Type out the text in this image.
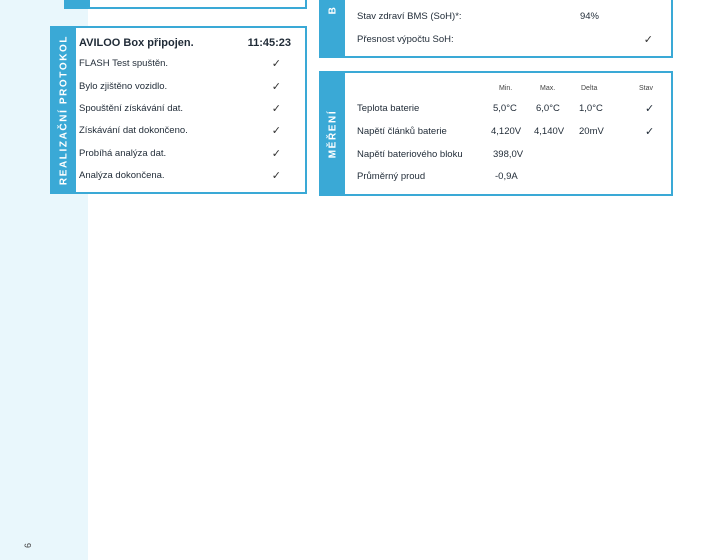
6
REALIZAČNÍ PROTOKOL AVILOO Box připojen.	11:45:23
FLASH Test spuštěn.	✓
Bylo zjištěno vozidlo.	✓
Spouštění získávání dat.	✓
Získávání dat dokončeno.	✓
Probíhá analýza dat.	✓
Analýza dokončena.	✓
B
Stav zdraví BMS (SoH)*:	94%
Přesnost výpočtu SoH:	✓
MĚŘENÍ
Min.	Max.	Delta	Stav
Teplota baterie	5,0°C 6,0°C 1,0°C	✓
Napětí článků baterie	4,120V 4,140V 20mV	✓
Napětí bateriového bloku	398,0V
Průměrný proud	-0,9A
